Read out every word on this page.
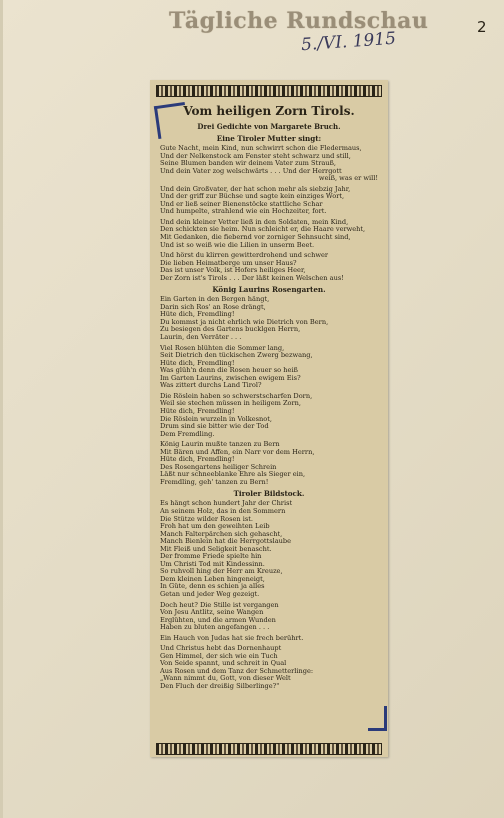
Tägliche Rundschau
5./VI. 1915
2
Vom heiligen Zorn Tirols.
Drei Gedichte von Margarete Bruch.
Eine Tiroler Mutter singt:
Gute Nacht, mein Kind, nun schwirrt schon die Fledermaus,
Und der Nelkenstock am Fenster steht schwarz und still,
Seine Blumen banden wir deinem Vater zum Strauß,
Und dein Vater zog welschwärts . . . Und der Herrgott
weiß, was er will!
Und dein Großvater, der hat schon mehr als siebzig Jahr,
Und der griff zur Büchse und sagte kein einziges Wort,
Und er ließ seiner Bienenstöcke stattliche Schar
Und humpelte, strahlend wie ein Hochzeiter, fort.
Und dein kleiner Vetter ließ in den Soldaten, mein Kind,
Den schickten sie heim. Nun schleicht er, die Haare verweht,
Mit Gedanken, die fiebernd vor zorniger Sehnsucht sind,
Und ist so weiß wie die Lilien in unserm Beet.
Und hörst du klirren gewitterdrohend und schwer
Die lieben Heimatberge um unser Haus?
Das ist unser Volk, ist Hofers heiliges Heer,
Der Zorn ist's Tirols . . . Der läßt keinen Welschen aus!
König Laurins Rosengarten.
Ein Garten in den Bergen hängt,
Darin sich Ros' an Rose drängt,
Hüte dich, Fremdling!
Du kommst ja nicht ehrlich wie Dietrich von Bern,
Zu besiegen des Gartens bucklgen Herrn,
Laurin, den Verräter . . .
Viel Rosen blühten die Sommer lang,
Seit Dietrich den tückischen Zwerg bezwang,
Hüte dich, Fremdling!
Was glüh'n denn die Rosen heuer so heiß
Im Garten Laurins, zwischen ewigem Eis?
Was zittert durchs Land Tirol?
Die Röslein haben so schwerstscharfen Dorn,
Weil sie stechen müssen in heiligem Zorn,
Hüte dich, Fremdling!
Die Röslein wurzeln in Volkesnot,
Drum sind sie bitter wie der Tod
Dem Fremdling.
König Laurin mußte tanzen zu Bern
Mit Bären und Affen, ein Narr vor dem Herrn,
Hüte dich, Fremdling!
Des Rosengartens heiliger Schrein
Läßt nur schneeblanke Ehre als Sieger ein,
Fremdling, geh' tanzen zu Bern!
Tiroler Bildstock.
Es hängt schon hundert Jahr der Christ
An seinem Holz, das in den Sommern
Die Stütze wilder Rosen ist.
Froh hat um den geweihten Leib
Manch Falterpärchen sich gehascht,
Manch Bienlein hat die Herrgottslaube
Mit Fleiß und Seligkeit benascht.
Der fromme Friede spielte hin
Um Christi Tod mit Kindessinn.
So ruhvoll hing der Herr am Kreuze,
Dem kleinen Leben hingeneigt,
In Güte, denn es schien ja alles
Getan und jeder Weg gezeigt.
Doch heut? Die Stille ist vergangen
Von Jesu Antlitz, seine Wangen
Erglühten, und die armen Wunden
Haben zu bluten angefangen . . .
Ein Hauch von Judas hat sie frech berührt.
Und Christus hebt das Dornenhaupt
Gen Himmel, der sich wie ein Tuch
Von Seide spannt, und schreit in Qual
Aus Rosen und dem Tanz der Schmetterlinge:
„Wann nimmt du, Gott, von dieser Welt
Den Fluch der dreißig Silberlinge?"
